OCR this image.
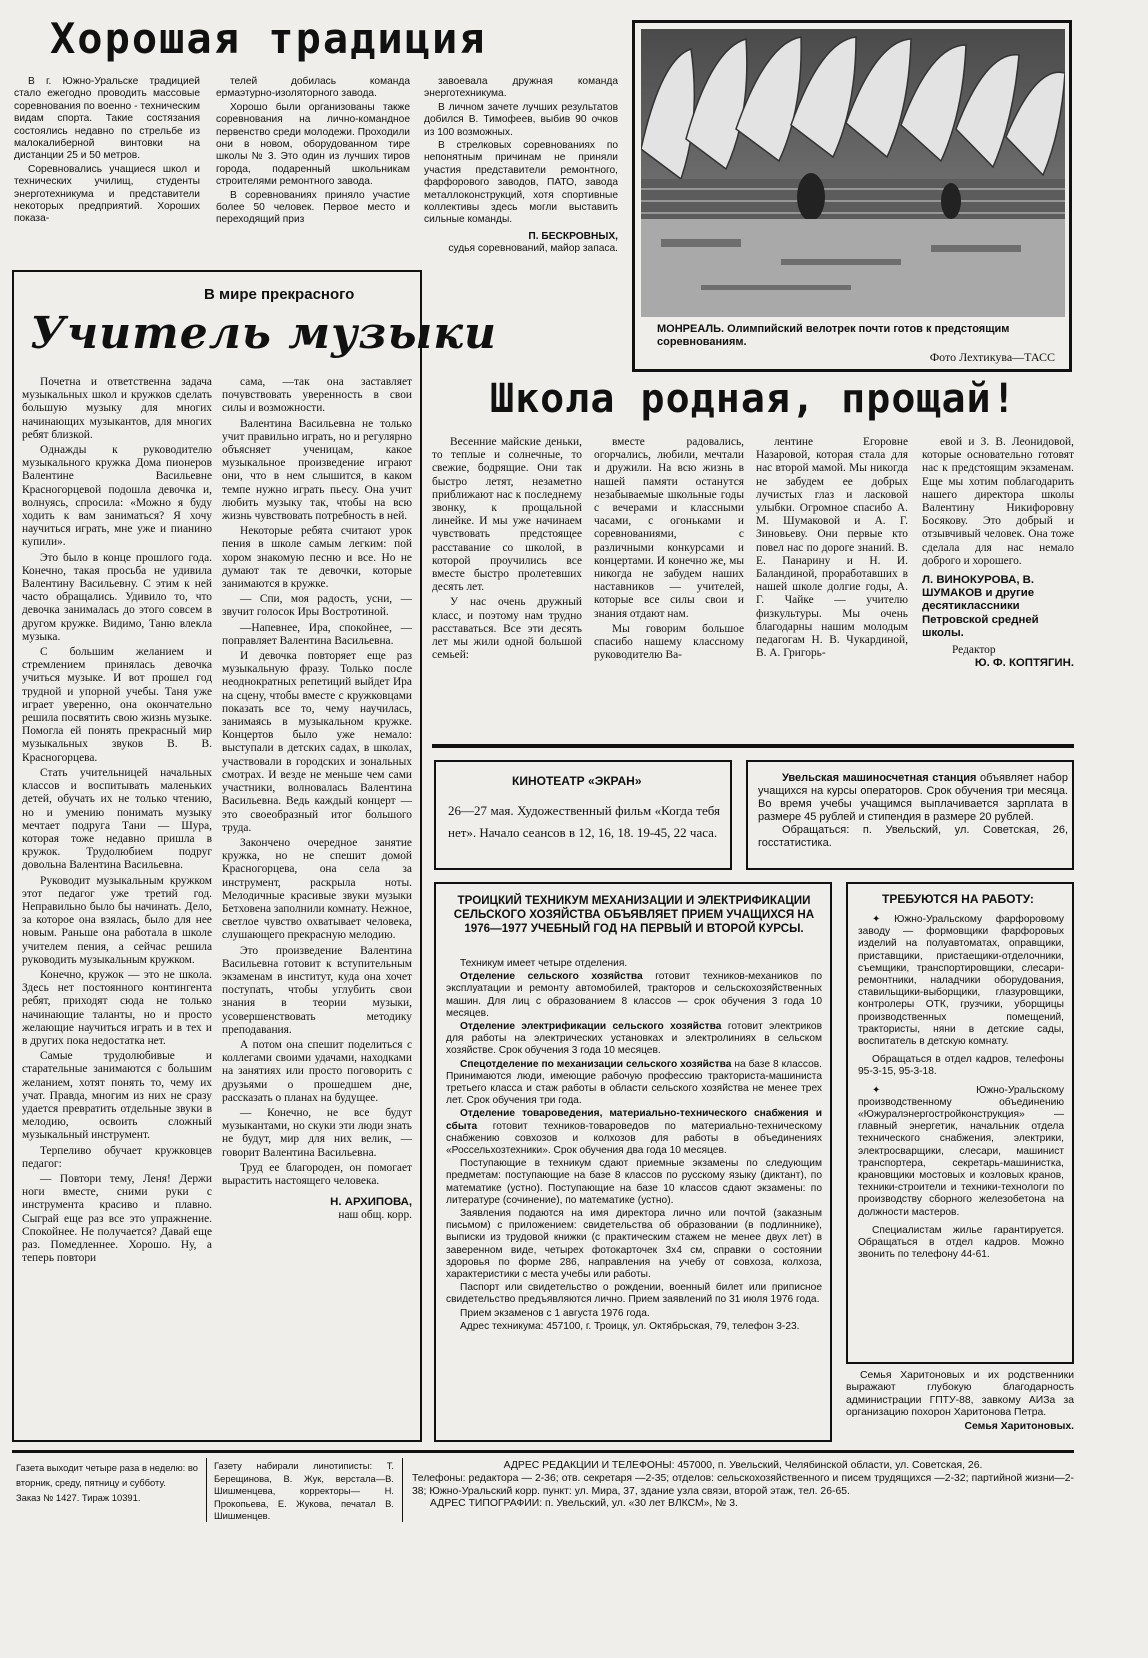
Хорошая традиция

В г. Южно-Уральске традицией стало ежегодно проводить массовые соревнования по военно - техническим видам спорта. Такие состязания состоялись недавно по стрельбе из малокалиберной винтовки на дистанции 25 и 50 метров.

Соревновались учащиеся школ и технических училищ, студенты энерготехникума и представители некоторых предприятий. Хороших показа-

телей добилась команда ермаэтурно-изоляторного завода.

Хорошо были организованы также соревнования на лично-командное первенство среди молодежи. Проходили они в новом, оборудованном тире школы № 3. Это один из лучших тиров города, подаренный школьникам строителями ремонтного завода.

В соревнованиях приняло участие более 50 человек. Первое место и переходящий приз

завоевала дружная команда энерготехникума.

В личном зачете лучших результатов добился В. Тимофеев, выбив 90 очков из 100 возможных.

В стрелковых соревнованиях по непонятным причинам не приняли участия представители ремонтного, фарфорового заводов, ПАТО, завода металлоконструкций, хотя спортивные коллективы здесь могли выставить сильные команды.

П. БЕСКРОВНЫХ,
судья соревнований, майор запаса.
МОНРЕАЛЬ. Олимпийский велотрек почти готов к предстоящим соревнованиям.
Фото Лехтикува—ТАСС
В мире прекрасного
Учитель музыки

Почетна и ответственна задача музыкальных школ и кружков сделать большую музыку для многих начинающих музыкантов, для многих ребят близкой.

Однажды к руководителю музыкального кружка Дома пионеров Валентине Васильевне Красногорцевой подошла девочка и, волнуясь, спросила: «Можно я буду ходить к вам заниматься? Я хочу научиться играть, мне уже и пианино купили».

Это было в конце прошлого года. Конечно, такая просьба не удивила Валентину Васильевну. С этим к ней часто обращались. Удивило то, что девочка занималась до этого совсем в другом кружке. Видимо, Таню влекла музыка.

С большим желанием и стремлением принялась девочка учиться музыке. И вот прошел год трудной и упорной учебы. Таня уже играет уверенно, она окончательно решила посвятить свою жизнь музыке. Помогла ей понять прекрасный мир музыкальных звуков В. В. Красногорцева.

Стать учительницей начальных классов и воспитывать маленьких детей, обучать их не только чтению, но и умению понимать музыку мечтает подруга Тани — Шура, которая тоже недавно пришла в кружок. Трудолюбием подруг довольна Валентина Васильевна.

Руководит музыкальным кружком этот педагог уже третий год. Неправильно было бы начинать. Дело, за которое она взялась, было для нее новым. Раньше она работала в школе учителем пения, а сейчас решила руководить музыкальным кружком.

Конечно, кружок — это не школа. Здесь нет постоянного контингента ребят, приходят сюда не только начинающие таланты, но и просто желающие научиться играть и в тех и в других пока недостатка нет.

Самые трудолюбивые и старательные занимаются с большим желанием, хотят понять то, чему их учат. Правда, многим из них не сразу удается превратить отдельные звуки в мелодию, освоить сложный музыкальный инструмент.

Терпеливо обучает кружковцев педагог:

— Повтори тему, Леня! Держи ноги вместе, сними руки с инструмента красиво и плавно. Сыграй еще раз все это упражнение. Спокойнее. Не получается? Давай еще раз. Помедленнее. Хорошо. Ну, а теперь повтори

сама, —так она заставляет почувствовать уверенность в свои силы и возможности.

Валентина Васильевна не только учит правильно играть, но и регулярно объясняет ученицам, какое музыкальное произведение играют они, что в нем слышится, в каком темпе нужно играть пьесу. Она учит любить музыку так, чтобы на всю жизнь чувствовать потребность в ней.

Некоторые ребята считают урок пения в школе самым легким: пой хором знакомую песню и все. Но не думают так те девочки, которые занимаются в кружке.

— Спи, моя радость, усни, — звучит голосок Иры Востротиной.

—Напевнее, Ира, спокойнее, — поправляет Валентина Васильевна.

И девочка повторяет еще раз музыкальную фразу. Только после неоднократных репетиций выйдет Ира на сцену, чтобы вместе с кружковцами показать все то, чему научилась, занимаясь в музыкальном кружке. Концертов было уже немало: выступали в детских садах, в школах, участвовали в городских и зональных смотрах. И везде не меньше чем сами участники, волновалась Валентина Васильевна. Ведь каждый концерт — это своеобразный итог большого труда.

Закончено очередное занятие кружка, но не спешит домой Красногорцева, она села за инструмент, раскрыла ноты. Мелодичные красивые звуки музыки Бетховена заполнили комнату. Нежное, светлое чувство охватывает человека, слушающего прекрасную мелодию.

Это произведение Валентина Васильевна готовит к вступительным экзаменам в институт, куда она хочет поступать, чтобы углубить свои знания в теории музыки, усовершенствовать методику преподавания.

А потом она спешит поделиться с коллегами своими удачами, находками на занятиях или просто поговорить с друзьями о прошедшем дне, рассказать о планах на будущее.

— Конечно, не все будут музыкантами, но скуки эти люди знать не будут, мир для них велик, — говорит Валентина Васильевна.

Труд ее благороден, он помогает вырастить настоящего человека.

Н. АРХИПОВА,
наш общ. корр.
Школа родная, прощай!

Весенние майские деньки, то теплые и солнечные, то свежие, бодрящие. Они так быстро летят, незаметно приближают нас к последнему звонку, к прощальной линейке. И мы уже начинаем чувствовать предстоящее расставание со школой, в которой проучились все вместе быстро пролетевших десять лет.

У нас очень дружный класс, и поэтому нам трудно расставаться. Все эти десять лет мы жили одной большой семьей:

вместе радовались, огорчались, любили, мечтали и дружили. На всю жизнь в нашей памяти останутся незабываемые школьные годы с вечерами и классными часами, с огоньками и соревнованиями, с различными конкурсами и концертами. И конечно же, мы никогда не забудем наших наставников — учителей, которые все силы свои и знания отдают нам.

Мы говорим большое спасибо нашему классному руководителю Ва-

лентине Егоровне Назаровой, которая стала для нас второй мамой. Мы никогда не забудем ее добрых лучистых глаз и ласковой улыбки. Огромное спасибо А. М. Шумаковой и А. Г. Зиновьеву. Они первые кто повел нас по дороге знаний. В. Е. Панарину и Н. И. Баландиной, проработавших в нашей школе долгие годы, А. Г. Чайке — учителю физкультуры. Мы очень благодарны нашим молодым педагогам Н. В. Чукардиной, В. А. Григорь-

евой и З. В. Леонидовой, которые основательно готовят нас к предстоящим экзаменам. Еще мы хотим поблагодарить нашего директора школы Валентину Никифоровну Босякову. Это добрый и отзывчивый человек. Она тоже сделала для нас немало доброго и хорошего.

Л. ВИНОКУРОВА, В. ШУМАКОВ и другие десятиклассники Петровской средней школы.
Редактор
Ю. Ф. КОПТЯГИН.
КИНОТЕАТР «ЭКРАН»
26—27 мая. Художественный фильм «Когда тебя нет». Начало сеансов в 12, 16, 18. 19-45, 22 часа.
Увельская машиносчетная станция объявляет набор учащихся на курсы операторов. Срок обучения три месяца. Во время учебы учащимся выплачивается зарплата в размере 45 рублей и стипендия в размере 20 рублей.
Обращаться: п. Увельский, ул. Советская, 26, госстатистика.
ТРОИЦКИЙ ТЕХНИКУМ МЕХАНИЗАЦИИ И ЭЛЕКТРИФИКАЦИИ СЕЛЬСКОГО ХОЗЯЙСТВА ОБЪЯВЛЯЕТ ПРИЕМ УЧАЩИХСЯ НА 1976—1977 УЧЕБНЫЙ ГОД НА ПЕРВЫЙ И ВТОРОЙ КУРСЫ.

Техникум имеет четыре отделения.

Отделение сельского хозяйства готовит техников-механиков по эксплуатации и ремонту автомобилей, тракторов и сельскохозяйственных машин. Для лиц с образованием 8 классов — срок обучения 3 года 10 месяцев.

Отделение электрификации сельского хозяйства готовит электриков для работы на электрических установках и электролиниях в сельском хозяйстве. Срок обучения 3 года 10 месяцев.

Спецотделение по механизации сельского хозяйства на базе 8 классов. Принимаются люди, имеющие рабочую профессию тракториста-машиниста третьего класса и стаж работы в области сельского хозяйства не менее трех лет. Срок обучения три года.

Отделение товароведения, материально-технического снабжения и сбыта готовит техников-товароведов по материально-техническому снабжению совхозов и колхозов для работы в объединениях «Россельхозтехники». Срок обучения два года 10 месяцев.

Поступающие в техникум сдают приемные экзамены по следующим предметам: поступающие на базе 8 классов по русскому языку (диктант), по математике (устно). Поступающие на базе 10 классов сдают экзамены: по литературе (сочинение), по математике (устно).

Заявления подаются на имя директора лично или почтой (заказным письмом) с приложением: свидетельства об образовании (в подлиннике), выписки из трудовой книжки (с практическим стажем не менее двух лет) в заверенном виде, четырех фотокарточек 3х4 см, справки о состоянии здоровья по форме 286, направления на учебу от совхоза, колхоза, характеристики с места учебы или работы.

Паспорт или свидетельство о рождении, военный билет или приписное свидетельство предъявляются лично. Прием заявлений по 31 июля 1976 года.

Прием экзаменов с 1 августа 1976 года.

Адрес техникума: 457100, г. Троицк, ул. Октябрьская, 79, телефон 3-23.

ТРЕБУЮТСЯ НА РАБОТУ:

✦ Южно-Уральскому фарфоровому заводу — формовщики фарфоровых изделий на полуавтоматах, оправщики, приставщики, пристаещики-отделочники, съемщики, транспортировщики, слесари-ремонтники, наладчики оборудования, ставильщики-выборщики, глазуровщики, контролеры ОТК, грузчики, уборщицы производственных помещений, трактористы, няни в детские сады, воспитатель в детскую комнату.

Обращаться в отдел кадров, телефоны 95-3-15, 95-3-18.

✦	Южно-Уральскому производственному объединению «Южуралэнергостройконструкция»	— главный энергетик, начальник отдела технического снабжения, электрики, электросварщики, слесари, машинист транспортера, секретарь-машинистка, крановщики мостовых и козловых кранов, техники-строители и техники-технологи по производству сборного железобетона на должности мастеров.

Специалистам жилье гарантируется. Обращаться в отдел кадров. Можно звонить по телефону 44-61.

Семья Харитоновых и их родственники выражают глубокую благодарность администрации ГПТУ-88, завкому АИЗа за организацию похорон Харитонова Петра.

Семья Харитоновых.
Газета выходит четыре раза в неделю: во вторник, среду, пятницу и субботу.
Заказ № 1427. Тираж 10391.
Газету набирали линотиписты: Т. Берещинова, В. Жук, верстала—В. Шишменцева, корректоры— Н. Прокопьева, Е. Жукова, печатал В. Шишменцев.
АДРЕС РЕДАКЦИИ И ТЕЛЕФОНЫ: 457000, п. Увельский, Челябинской области, ул. Советская, 26.
Телефоны: редактора — 2-36; отв. секретаря —2-35; отделов: сельскохозяйственного и писем трудящихся —2-32; партийной жизни—2-38; Южно-Уральский корр. пункт: ул. Мира, 37, здание узла связи, второй этаж, тел. 26-65.
АДРЕС ТИПОГРАФИИ: п. Увельский, ул. «30 лет ВЛКСМ», № 3.
